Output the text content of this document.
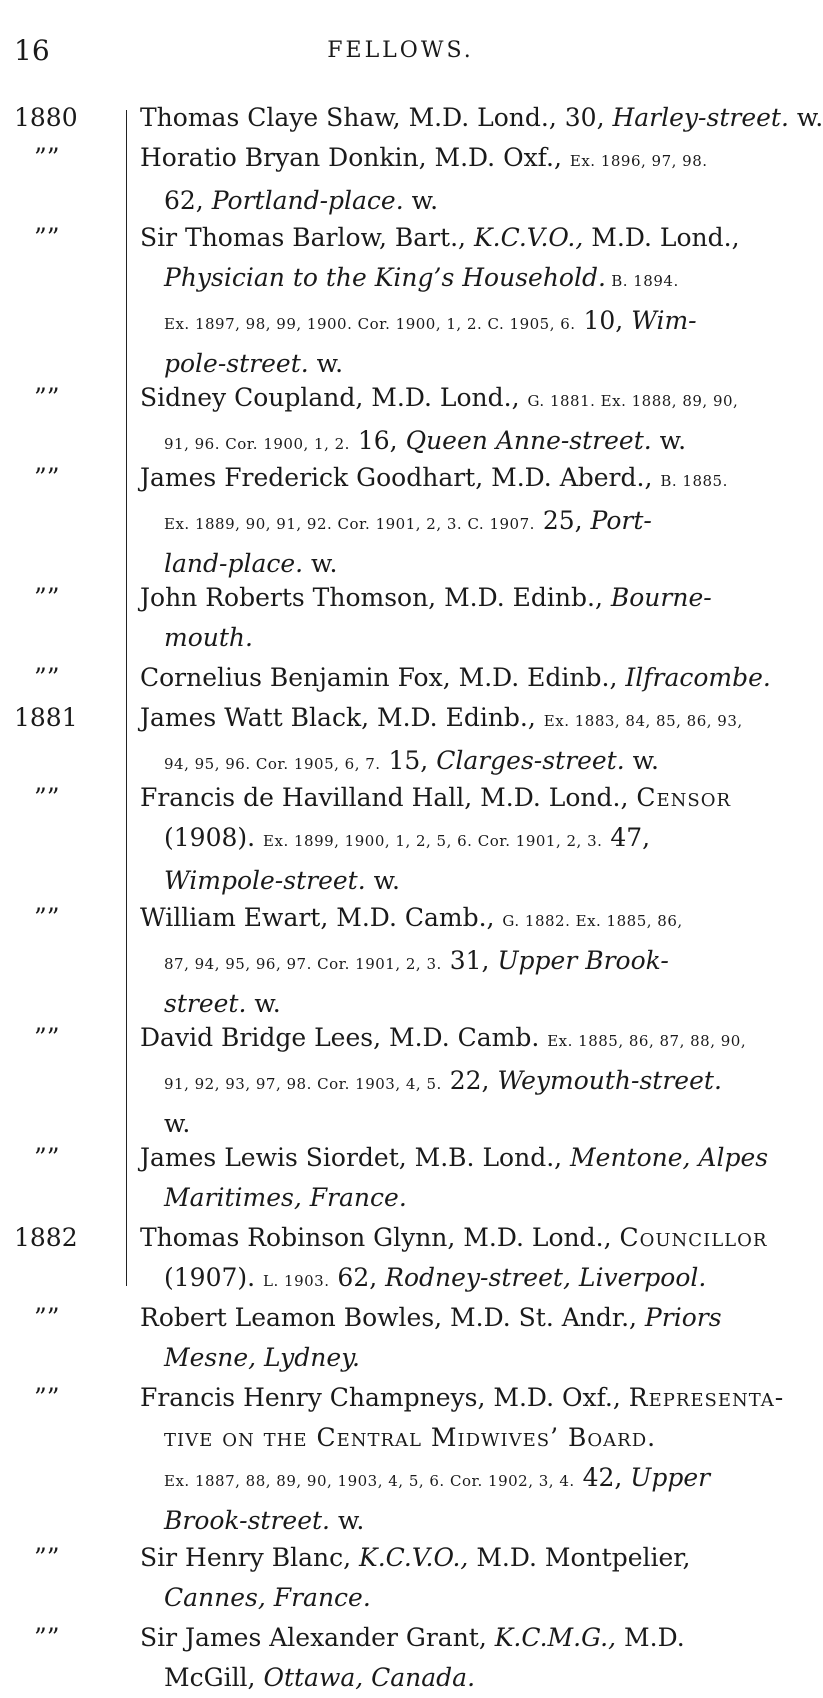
16	FELLOWS.
1880 Thomas Claye Shaw, M.D. Lond., 30, Harley-street. w.
””	Horatio Bryan Donkin, M.D. Oxf., Ex. 1896, 97, 98.
62, Portland-place. w.
””	Sir Thomas Barlow, Bart., K.C.V.O., M.D. Lond.,
Physician to the King’s Household. B. 1894.
Ex. 1897, 98, 99, 1900. Cor. 1900, 1, 2. C. 1905, 6. 10, Wim-
pole-street. w.
””	Sidney Coupland, M.D. Lond., G. 1881. Ex. 1888, 89, 90,
91, 96. Cor. 1900, 1, 2. 16, Queen Anne-street. w.
””	James Frederick Goodhart, M.D. Aberd., B. 1885.
Ex. 1889, 90, 91, 92. Cor. 1901, 2, 3. C. 1907. 25, Port-
land-place. w.
””	John Roberts Thomson, M.D. Edinb., Bourne-
mouth.
””	Cornelius Benjamin Fox, M.D. Edinb., Ilfracombe.
1881 James Watt Black, M.D. Edinb., Ex. 1883, 84, 85, 86, 93,
94, 95, 96. Cor. 1905, 6, 7. 15, Clarges-street. w.
””	Francis de Havilland Hall, M.D. Lond., Censor
(1908). Ex. 1899, 1900, 1, 2, 5, 6. Cor. 1901, 2, 3. 47,
Wimpole-street. w.
””	William Ewart, M.D. Camb., G. 1882. Ex. 1885, 86,
87, 94, 95, 96, 97. Cor. 1901, 2, 3. 31, Upper Brook-
street. w.
””	David Bridge Lees, M.D. Camb. Ex. 1885, 86, 87, 88, 90,
91, 92, 93, 97, 98. Cor. 1903, 4, 5. 22, Weymouth-street.
w.
””	James Lewis Siordet, M.B. Lond., Mentone, Alpes
Maritimes, France.
1882 Thomas Robinson Glynn, M.D. Lond., Councillor
(1907). L. 1903. 62, Rodney-street, Liverpool.
””	Robert Leamon Bowles, M.D. St. Andr., Priors
Mesne, Lydney.
””	Francis Henry Champneys, M.D. Oxf., Representa-
tive on the Central Midwives’ Board.
Ex. 1887, 88, 89, 90, 1903, 4, 5, 6. Cor. 1902, 3, 4. 42, Upper
Brook-street. w.
””	Sir Henry Blanc, K.C.V.O., M.D. Montpelier,
Cannes, France.
””	Sir James Alexander Grant, K.C.M.G., M.D.
McGill, Ottawa, Canada.
